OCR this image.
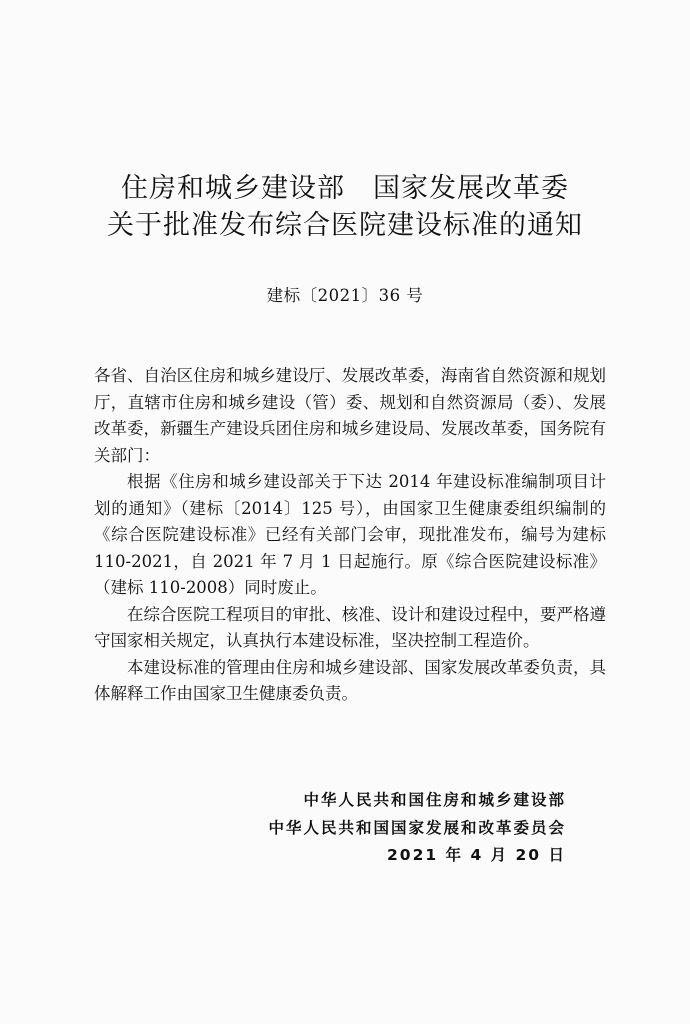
住房和城乡建设部 国家发展改革委
关于批准发布综合医院建设标准的通知
建标〔2021〕36 号

各省、自治区住房和城乡建设厅、发展改革委，海南省自然资源和规划厅，直辖市住房和城乡建设（管）委、规划和自然资源局（委）、发展改革委，新疆生产建设兵团住房和城乡建设局、发展改革委，国务院有关部门：

根据《住房和城乡建设部关于下达 2014 年建设标准编制项目计划的通知》（建标〔2014〕125 号），由国家卫生健康委组织编制的《综合医院建设标准》已经有关部门会审，现批准发布，编号为建标 110-2021，自 2021 年 7 月 1 日起施行。原《综合医院建设标准》（建标 110-2008）同时废止。

在综合医院工程项目的审批、核准、设计和建设过程中，要严格遵守国家相关规定，认真执行本建设标准，坚决控制工程造价。

本建设标准的管理由住房和城乡建设部、国家发展改革委负责，具体解释工作由国家卫生健康委负责。

中华人民共和国住房和城乡建设部
中华人民共和国国家发展和改革委员会
2021 年 4 月 20 日
